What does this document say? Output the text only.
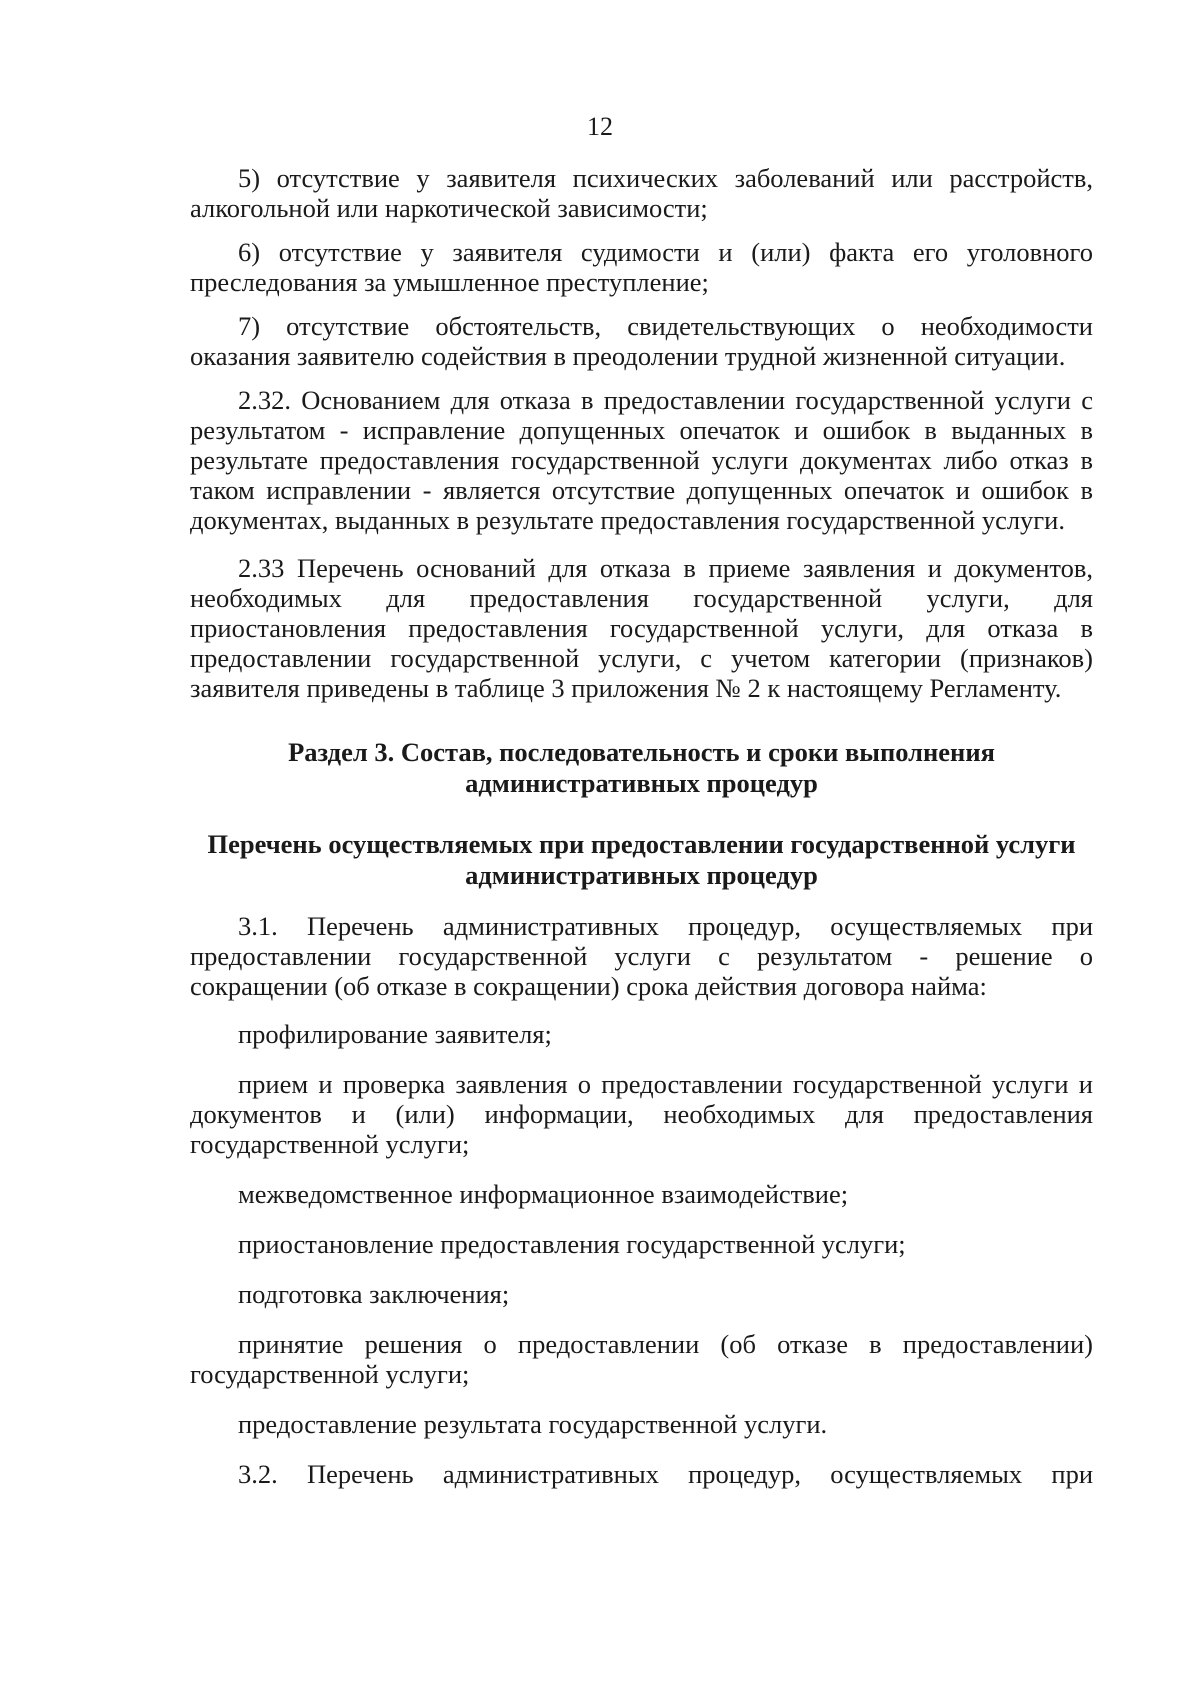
12

5) отсутствие у заявителя психических заболеваний или расстройств, алкогольной или наркотической зависимости;

6) отсутствие у заявителя судимости и (или) факта его уголовного преследования за умышленное преступление;

7) отсутствие обстоятельств, свидетельствующих о необходимости оказания заявителю содействия в преодолении трудной жизненной ситуации.

2.32. Основанием для отказа в предоставлении государственной услуги с результатом - исправление допущенных опечаток и ошибок в выданных в результате предоставления государственной услуги документах либо отказ в таком исправлении - является отсутствие допущенных опечаток и ошибок в документах, выданных в результате предоставления государственной услуги.

2.33 Перечень оснований для отказа в приеме заявления и документов, необходимых для предоставления государственной услуги, для приостановления предоставления государственной услуги, для отказа в предоставлении государственной услуги, с учетом категории (признаков) заявителя приведены в таблице 3 приложения № 2 к настоящему Регламенту.

Раздел 3. Состав, последовательность и сроки выполнения
административных процедур
Перечень осуществляемых при предоставлении государственной услуги
административных процедур

3.1. Перечень административных процедур, осуществляемых при предоставлении государственной услуги с результатом - решение о сокращении (об отказе в сокращении) срока действия договора найма:

профилирование заявителя;

прием и проверка заявления о предоставлении государственной услуги и документов и (или) информации, необходимых для предоставления государственной услуги;

межведомственное информационное взаимодействие;

приостановление предоставления государственной услуги;

подготовка заключения;

принятие решения о предоставлении (об отказе в предоставлении) государственной услуги;

предоставление результата государственной услуги.

3.2. Перечень административных процедур, осуществляемых при
